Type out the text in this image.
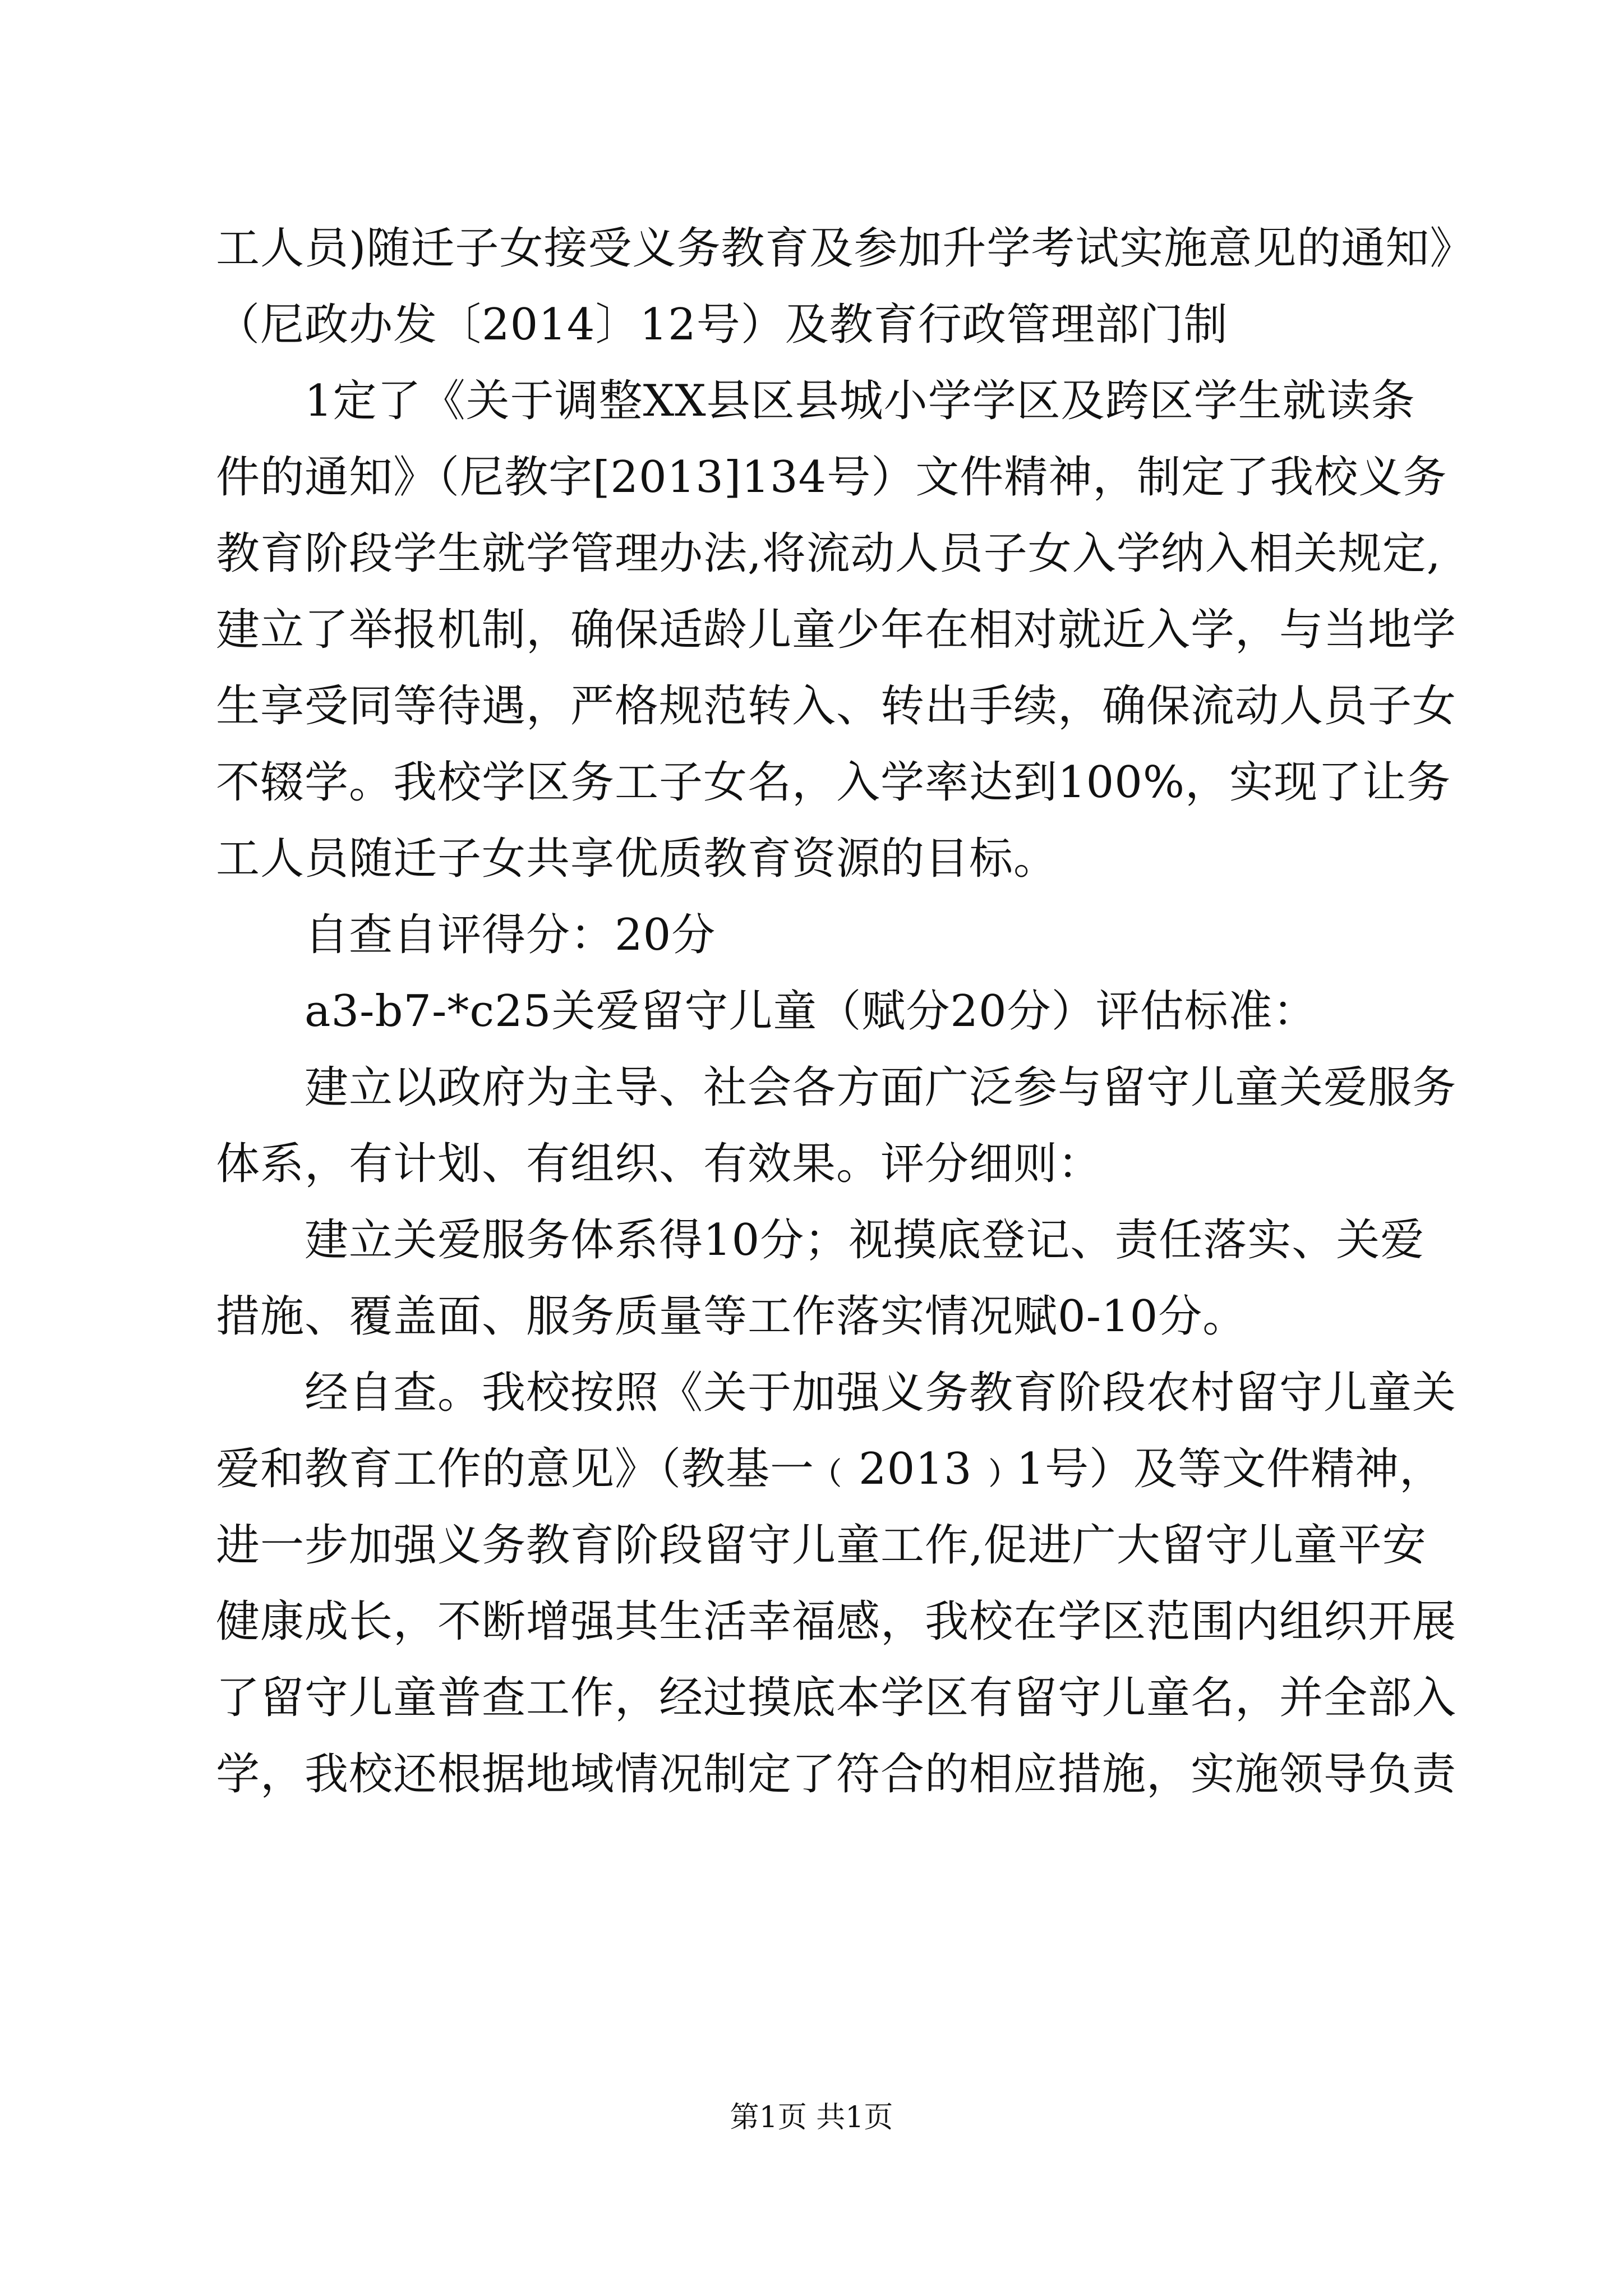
工人员)随迁子女接受义务教育及参加升学考试实施意见的通知》
（尼政办发〔2014〕12号）及教育行政管理部门制
　　1定了《关于调整XX县区县城小学学区及跨区学生就读条
件的通知》（尼教字[2013]134号）文件精神，制定了我校义务
教育阶段学生就学管理办法,将流动人员子女入学纳入相关规定,
建立了举报机制，确保适龄儿童少年在相对就近入学，与当地学
生享受同等待遇，严格规范转入、转出手续，确保流动人员子女
不辍学。我校学区务工子女名，入学率达到100%，实现了让务
工人员随迁子女共享优质教育资源的目标。
　　自查自评得分：20分
　　a3-b7-*c25关爱留守儿童（赋分20分）评估标准：
　　建立以政府为主导、社会各方面广泛参与留守儿童关爱服务
体系，有计划、有组织、有效果。评分细则：
　　建立关爱服务体系得10分；视摸底登记、责任落实、关爱
措施、覆盖面、服务质量等工作落实情况赋0-10分。
　　经自查。我校按照《关于加强义务教育阶段农村留守儿童关
爱和教育工作的意见》（教基一﹙2013﹚1号）及等文件精神，
进一步加强义务教育阶段留守儿童工作,促进广大留守儿童平安
健康成长，不断增强其生活幸福感，我校在学区范围内组织开展
了留守儿童普查工作，经过摸底本学区有留守儿童名，并全部入
学，我校还根据地域情况制定了符合的相应措施，实施领导负责
第1页 共1页
